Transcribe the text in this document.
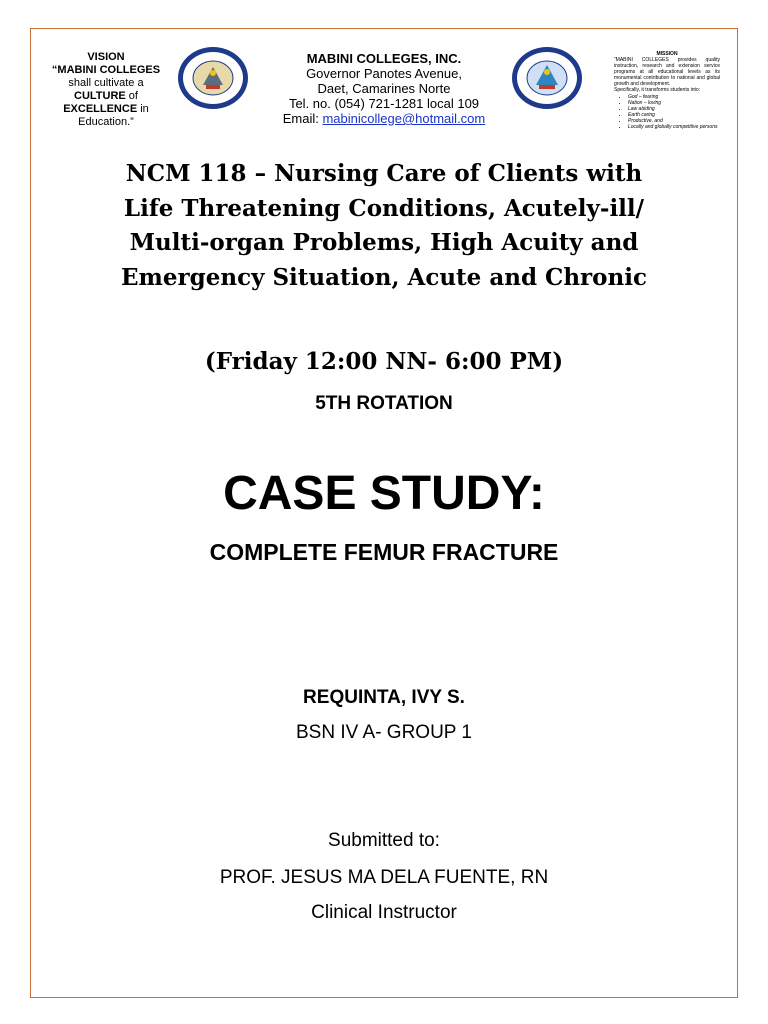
VISION
“MABINI COLLEGES
shall cultivate a
CULTURE of
EXCELLENCE in
Education.”
MABINI COLLEGES, INC.
Governor Panotes Avenue,
Daet, Camarines Norte
Tel. no. (054) 721-1281 local 109
Email: mabinicollege@hotmail.com
MISSION
“MABINI COLLEGES provides quality instruction, research and extension service programs at all educational levels as its monumental contribution to national and global growth and development.
Specifically, it transforms students into:
• God – fearing
• Nation – loving
• Law abiding
• Earth caring
• Productive, and
• Locally and globally competitive persons
NCM 118 – Nursing Care of Clients with
Life Threatening Conditions, Acutely-ill/
Multi-organ Problems, High Acuity and
Emergency Situation, Acute and Chronic
(Friday 12:00 NN- 6:00 PM)
5TH ROTATION
CASE STUDY:
COMPLETE FEMUR FRACTURE
REQUINTA, IVY S.
BSN IV A- GROUP 1
Submitted to:
PROF. JESUS MA DELA FUENTE, RN
Clinical Instructor
